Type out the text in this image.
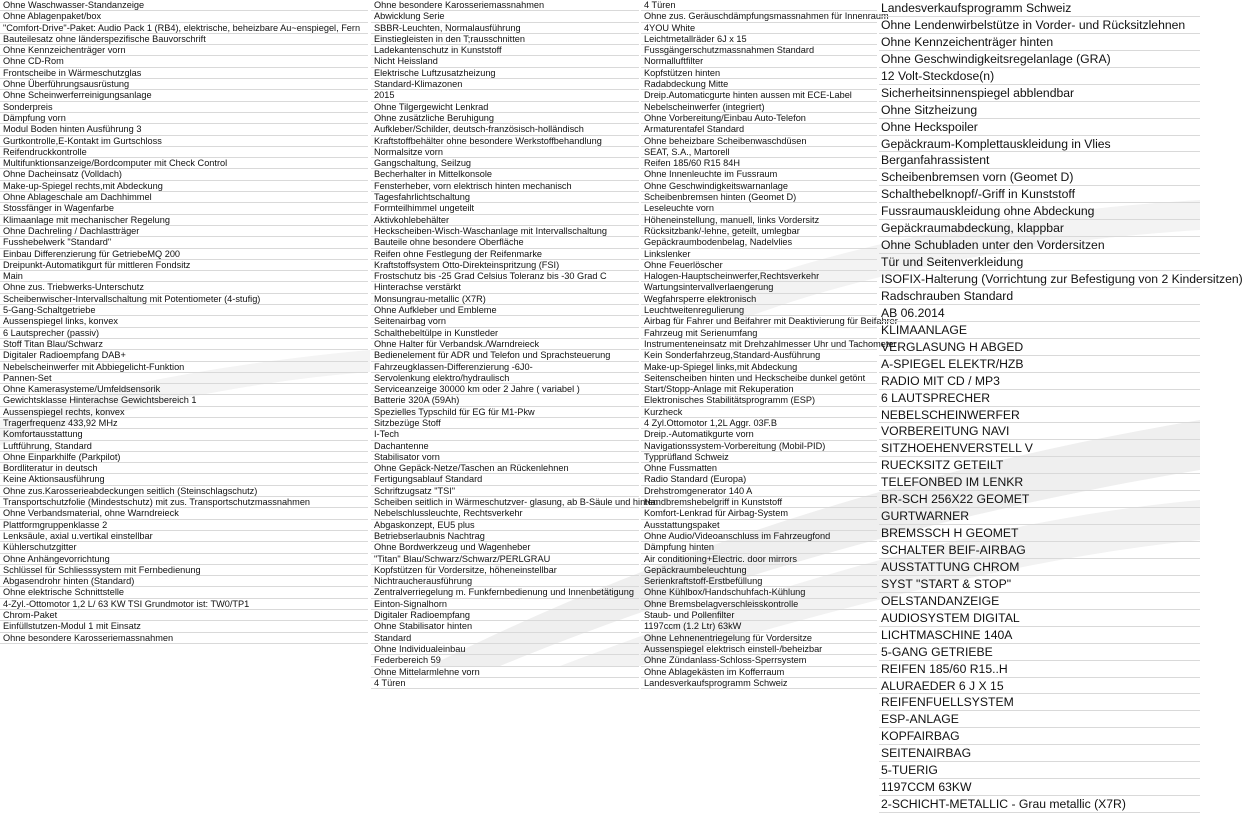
Ohne Waschwasser-Standanzeige
Ohne Ablagenpaket/box
"Comfort-Drive"-Paket: Audio Pack 1 (RB4), elektrische, beheizbare Au~enspiegel, Fern
Bauteilesatz ohne länderspezifische Bauvorschrift
Ohne Kennzeichenträger vorn
Ohne CD-Rom
Frontscheibe in Wärmeschutzglas
Ohne Überführungsausrüstung
Ohne Scheinwerferreinigungsanlage
Sonderpreis
Dämpfung vorn
Modul Boden hinten Ausführung 3
Gurtkontrolle,E-Kontakt im Gurtschloss
Reifendruckkontrolle
Multifunktionsanzeige/Bordcomputer mit Check Control
Ohne Dacheinsatz (Volldach)
Make-up-Spiegel rechts,mit Abdeckung
Ohne Ablageschale am Dachhimmel
Stossfänger in Wagenfarbe
Klimaanlage mit mechanischer Regelung
Ohne Dachreling / Dachlastträger
Fusshebelwerk "Standard"
Einbau Differenzierung für GetriebeMQ 200
Dreipunkt-Automatikgurt für mittleren Fondsitz
Main
Ohne zus. Triebwerks-Unterschutz
Scheibenwischer-Intervallschaltung mit Potentiometer (4-stufig)
5-Gang-Schaltgetriebe
Aussenspiegel links, konvex
6 Lautsprecher (passiv)
Stoff Titan Blau/Schwarz
Digitaler Radioempfang DAB+
Nebelscheinwerfer mit Abbiegelicht-Funktion
Pannen-Set
Ohne Kamerasysteme/Umfeldsensorik
Gewichtsklasse Hinterachse Gewichtsbereich 1
Aussenspiegel rechts, konvex
Tragerfrequenz 433,92 MHz
Komfortausstattung
Luftführung, Standard
Ohne Einparkhilfe (Parkpilot)
Bordliteratur in deutsch
Keine Aktionsausführung
Ohne zus.Karosserieabdeckungen seitlich (Steinschlagschutz)
Transportschutzfolie (Mindestschutz) mit zus. Transportschutzmassnahmen
Ohne Verbandsmaterial, ohne Warndreieck
Plattformgruppenklasse 2
Lenksäule, axial u.vertikal einstellbar
Kühlerschutzgitter
Ohne Anhängevorrichtung
Schlüssel für Schliesssystem mit Fernbedienung
Abgasendrohr hinten (Standard)
Ohne elektrische Schnittstelle
4-Zyl.-Ottomotor 1,2 L/ 63 KW TSI Grundmotor ist: TW0/TP1
Chrom-Paket
Einfüllstutzen-Modul 1 mit Einsatz
Ohne besondere Karosseriemassnahmen
Ohne besondere Karosseriemassnahmen
Abwicklung Serie
SBBR-Leuchten, Normalausführung
Einstiegleisten in den T;rausschnitten
Ladekantenschutz in Kunststoff
Nicht Heissland
Elektrische Luftzusatzheizung
Standard-Klimazonen
2015
Ohne Tilgergewicht Lenkrad
Ohne zusätzliche Beruhigung
Aufkleber/Schilder, deutsch-französisch-holländisch
Kraftstoffbehälter ohne besondere Werkstoffbehandlung
Normalsitze vorn
Gangschaltung, Seilzug
Becherhalter in Mittelkonsole
Fensterheber, vorn elektrisch hinten mechanisch
Tagesfahrlichtschaltung
Formteilhimmel ungeteilt
Aktivkohlebehälter
Heckscheiben-Wisch-Waschanlage mit Intervallschaltung
Bauteile ohne besondere Oberfläche
Reifen ohne Festlegung der Reifenmarke
Kraftstoffsystem Otto-Direkteinspritzung (FSI)
Frostschutz bis -25 Grad Celsius Toleranz bis -30 Grad C
Hinterachse verstärkt
Monsungrau-metallic (X7R)
Ohne Aufkleber und Embleme
Seitenairbag vorn
Schalthebeltülpe in Kunstleder
Ohne Halter für Verbandsk./Warndreieck
Bedienelement für ADR und Telefon und Sprachsteuerung
Fahrzeugklassen-Differenzierung -6J0-
Servolenkung elektro/hydraulisch
Serviceanzeige 30000 km oder 2 Jahre ( variabel )
Batterie 320A (59Ah)
Spezielles Typschild für EG für M1-Pkw
Sitzbezüge Stoff
I-Tech
Dachantenne
Stabilisator vorn
Ohne Gepäck-Netze/Taschen an Rückenlehnen
Fertigungsablauf Standard
Schriftzugsatz "TSI"
Scheiben seitlich in Wärmeschutzver- glasung, ab B-Säule und hinten
Nebelschlussleuchte, Rechtsverkehr
Abgaskonzept, EU5 plus
Betriebserlaubnis Nachtrag
Ohne Bordwerkzeug und Wagenheber
"Titan" Blau/Schwarz/Schwarz/PERLGRAU
Kopfstützen für Vordersitze, höheneinstellbar
Nichtraucherausführung
Zentralverriegelung m. Funkfernbedienung und Innenbetätigung
Einton-Signalhorn
Digitaler Radioempfang
Ohne Stabilisator hinten
Standard
Ohne Individualeinbau
Federbereich 59
Ohne Mittelarmlehne vorn
4 Türen
4 Türen
Ohne zus. Geräuschdämpfungsmassnahmen für Innenraum
4YOU White
Leichtmetallräder 6J x 15
Fussgängerschutzmassnahmen Standard
Normalluftfilter
Kopfstützen hinten
Radabdeckung Mitte
Dreip.Automaticgurte hinten aussen mit ECE-Label
Nebelscheinwerfer (integriert)
Ohne Vorbereitung/Einbau Auto-Telefon
Armaturentafel Standard
Ohne beheizbare Scheibenwaschdüsen
SEAT, S.A., Martorell
Reifen 185/60 R15 84H
Ohne Innenleuchte im Fussraum
Ohne Geschwindigkeitswarnanlage
Scheibenbremsen hinten (Geomet D)
Leseleuchte vorn
Höheneinstellung, manuell, links Vordersitz
Rücksitzbank/-lehne, geteilt, umlegbar
Gepäckraumbodenbelag, Nadelvlies
Linkslenker
Ohne Feuerlöscher
Halogen-Hauptscheinwerfer,Rechtsverkehr
Wartungsintervallverlaengerung
Wegfahrsperre elektronisch
Leuchtweitenregulierung
Airbag für Fahrer und Beifahrer mit Deaktivierung für Beifahrer
Fahrzeug mit Serienumfang
Instrumenteneinsatz mit Drehzahlmesser Uhr und Tachometer
Kein Sonderfahrzeug,Standard-Ausführung
Make-up-Spiegel links,mit Abdeckung
Seitenscheiben hinten und Heckscheibe dunkel getönt
Start/Stopp-Anlage mit Rekuperation
Elektronisches Stabilitätsprogramm (ESP)
Kurzheck
4 Zyl.Ottomotor 1,2L Aggr. 03F.B
Dreip.-Automatikgurte vorn
Navigationssystem-Vorbereitung (Mobil-PID)
Typprüfland Schweiz
Ohne Fussmatten
Radio Standard (Europa)
Drehstromgenerator 140 A
Handbremshebelgriff in Kunststoff
Komfort-Lenkrad für Airbag-System
Ausstattungspaket
Ohne Audio/Videoanschluss im Fahrzeugfond
Dämpfung hinten
Air conditioning+Electric. door mirrors
Gepäckraumbeleuchtung
Serienkraftstoff-Erstbefüllung
Ohne Kühlbox/Handschuhfach-Kühlung
Ohne Bremsbelagverschleisskontrolle
Staub- und Pollenfilter
1197ccm (1.2 Ltr) 63kW
Ohne Lehnenentriegelung für Vordersitze
Aussenspiegel elektrisch einstell-/beheizbar
Ohne Zündanlass-Schloss-Sperrsystem
Ohne Ablagekästen im Kofferraum
Landesverkaufsprogramm Schweiz
Landesverkaufsprogramm Schweiz
Ohne Lendenwirbelstütze in Vorder- und Rücksitzlehnen
Ohne Kennzeichenträger hinten
Ohne Geschwindigkeitsregelanlage (GRA)
12 Volt-Steckdose(n)
Sicherheitsinnenspiegel abblendbar
Ohne Sitzheizung
Ohne Heckspoiler
Gepäckraum-Komplettauskleidung in Vlies
Berganfahrassistent
Scheibenbremsen vorn (Geomet D)
Schalthebelknopf/-Griff in Kunststoff
Fussraumauskleidung ohne Abdeckung
Gepäckraumabdeckung, klappbar
Ohne Schubladen unter den Vordersitzen
Tür und Seitenverkleidung
ISOFIX-Halterung (Vorrichtung zur Befestigung von 2 Kindersitzen)
Radschrauben Standard
AB 06.2014
KLIMAANLAGE
VERGLASUNG H ABGED
A-SPIEGEL ELEKTR/HZB
RADIO MIT CD / MP3
6 LAUTSPRECHER
NEBELSCHEINWERFER
VORBEREITUNG NAVI
SITZHOEHENVERSTELL V
RUECKSITZ GETEILT
TELEFONBED IM LENKR
BR-SCH 256X22 GEOMET
GURTWARNER
BREMSSCH H GEOMET
SCHALTER BEIF-AIRBAG
AUSSTATTUNG CHROM
SYST "START & STOP"
OELSTANDANZEIGE
AUDIOSYSTEM DIGITAL
LICHTMASCHINE 140A
5-GANG GETRIEBE
REIFEN 185/60 R15..H
ALURAEDER 6 J X 15
REIFENFUELLSYSTEM
ESP-ANLAGE
KOPFAIRBAG
SEITENAIRBAG
5-TUERIG
1197CCM 63KW
2-SCHICHT-METALLIC - Grau metallic (X7R)
